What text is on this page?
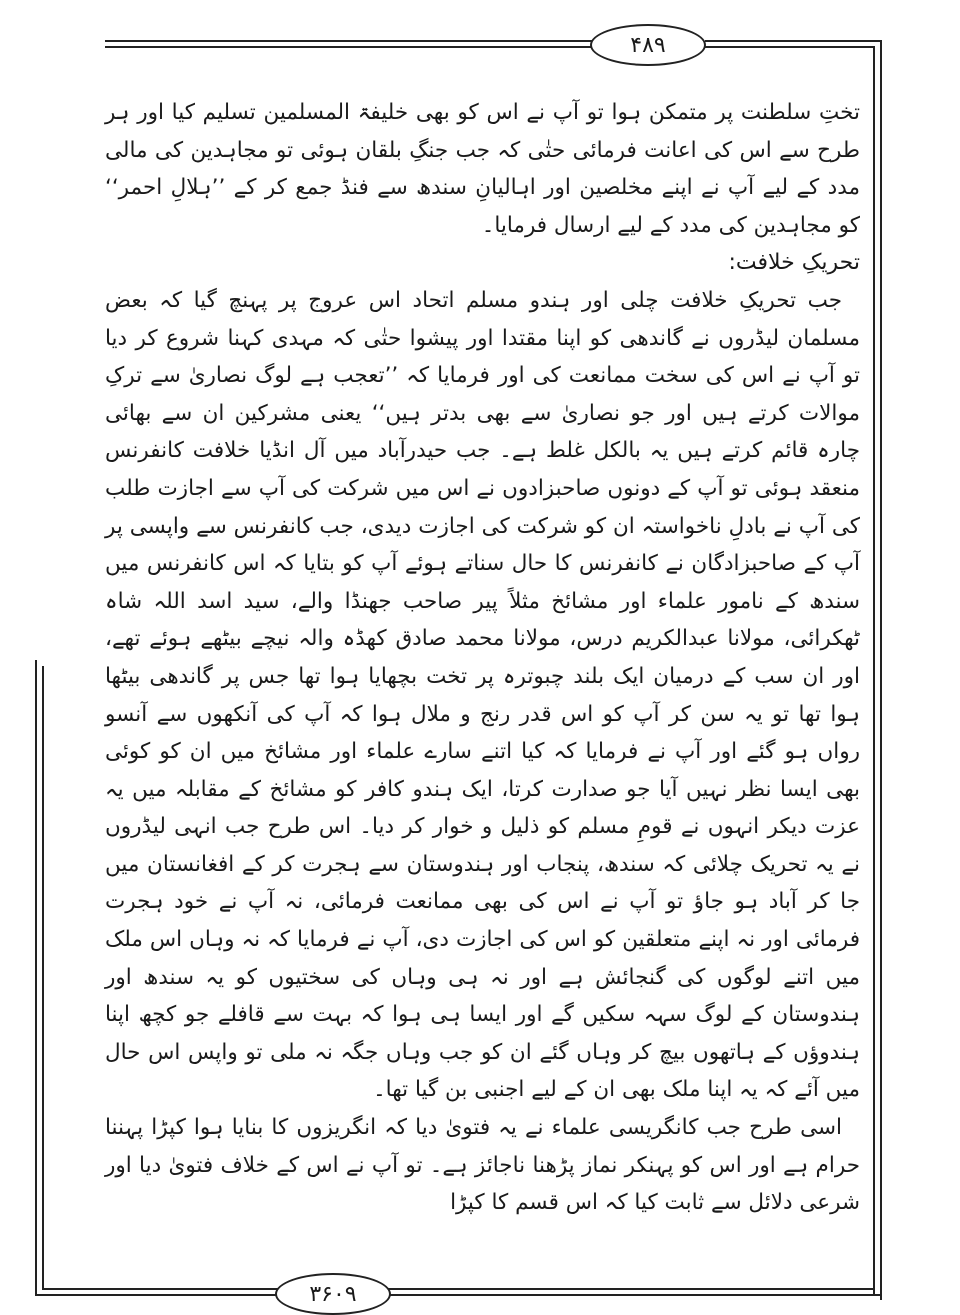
۴۸۹
۳۶۰۹

تختِ سلطنت پر متمکن ہوا تو آپ نے اس کو بھی خلیفۃ المسلمین تسلیم کیا اور ہر طرح سے اس کی اعانت فرمائی حتٰی کہ جب جنگِ بلقان ہوئی تو مجاہدین کی مالی مدد کے لیے آپ نے اپنے مخلصین اور اہالیانِ سندھ سے فنڈ جمع کر کے ’’ہلالِ احمر‘‘ کو مجاہدین کی مدد کے لیے ارسال فرمایا۔

تحریکِ خلافت:

جب تحریکِ خلافت چلی اور ہندو مسلم اتحاد اس عروج پر پہنچ گیا کہ بعض مسلمان لیڈروں نے گاندھی کو اپنا مقتدا اور پیشوا حتٰی کہ مہدی کہنا شروع کر دیا تو آپ نے اس کی سخت ممانعت کی اور فرمایا کہ ’’تعجب ہے لوگ نصاریٰ سے ترکِ موالات کرتے ہیں اور جو نصاریٰ سے بھی بدتر ہیں‘‘ یعنی مشرکین ان سے بھائی چارہ قائم کرتے ہیں یہ بالکل غلط ہے۔ جب حیدرآباد میں آل انڈیا خلافت کانفرنس منعقد ہوئی تو آپ کے دونوں صاحبزادوں نے اس میں شرکت کی آپ سے اجازت طلب کی آپ نے بادلِ ناخواستہ ان کو شرکت کی اجازت دیدی، جب کانفرنس سے واپسی پر آپ کے صاحبزادگان نے کانفرنس کا حال سناتے ہوئے آپ کو بتایا کہ اس کانفرنس میں سندھ کے نامور علماء اور مشائخ مثلاً پیر صاحب جھنڈا والے، سید اسد اللہ شاہ ٹھکرائی، مولانا عبدالکریم درس، مولانا محمد صادق کھڈہ والہ نیچے بیٹھے ہوئے تھے، اور ان سب کے درمیان ایک بلند چبوترہ پر تخت بچھایا ہوا تھا جس پر گاندھی بیٹھا ہوا تھا تو یہ سن کر آپ کو اس قدر رنج و ملال ہوا کہ آپ کی آنکھوں سے آنسو رواں ہو گئے اور آپ نے فرمایا کہ کیا اتنے سارے علماء اور مشائخ میں ان کو کوئی بھی ایسا نظر نہیں آیا جو صدارت کرتا، ایک ہندو کافر کو مشائخ کے مقابلہ میں یہ عزت دیکر انہوں نے قومِ مسلم کو ذلیل و خوار کر دیا۔ اس طرح جب انہی لیڈروں نے یہ تحریک چلائی کہ سندھ، پنجاب اور ہندوستان سے ہجرت کر کے افغانستان میں جا کر آباد ہو جاؤ تو آپ نے اس کی بھی ممانعت فرمائی، نہ آپ نے خود ہجرت فرمائی اور نہ اپنے متعلقین کو اس کی اجازت دی، آپ نے فرمایا کہ نہ وہاں اس ملک میں اتنے لوگوں کی گنجائش ہے اور نہ ہی وہاں کی سختیوں کو یہ سندھ اور ہندوستان کے لوگ سہہ سکیں گے اور ایسا ہی ہوا کہ بہت سے قافلے جو کچھ اپنا ہندوؤں کے ہاتھوں بیچ کر وہاں گئے ان کو جب وہاں جگہ نہ ملی تو واپس اس حال میں آئے کہ یہ اپنا ملک بھی ان کے لیے اجنبی بن گیا تھا۔

اسی طرح جب کانگریسی علماء نے یہ فتویٰ دیا کہ انگریزوں کا بنایا ہوا کپڑا پہننا حرام ہے اور اس کو پہنکر نماز پڑھنا ناجائز ہے۔ تو آپ نے اس کے خلاف فتویٰ دیا اور شرعی دلائل سے ثابت کیا کہ اس قسم کا کپڑا
